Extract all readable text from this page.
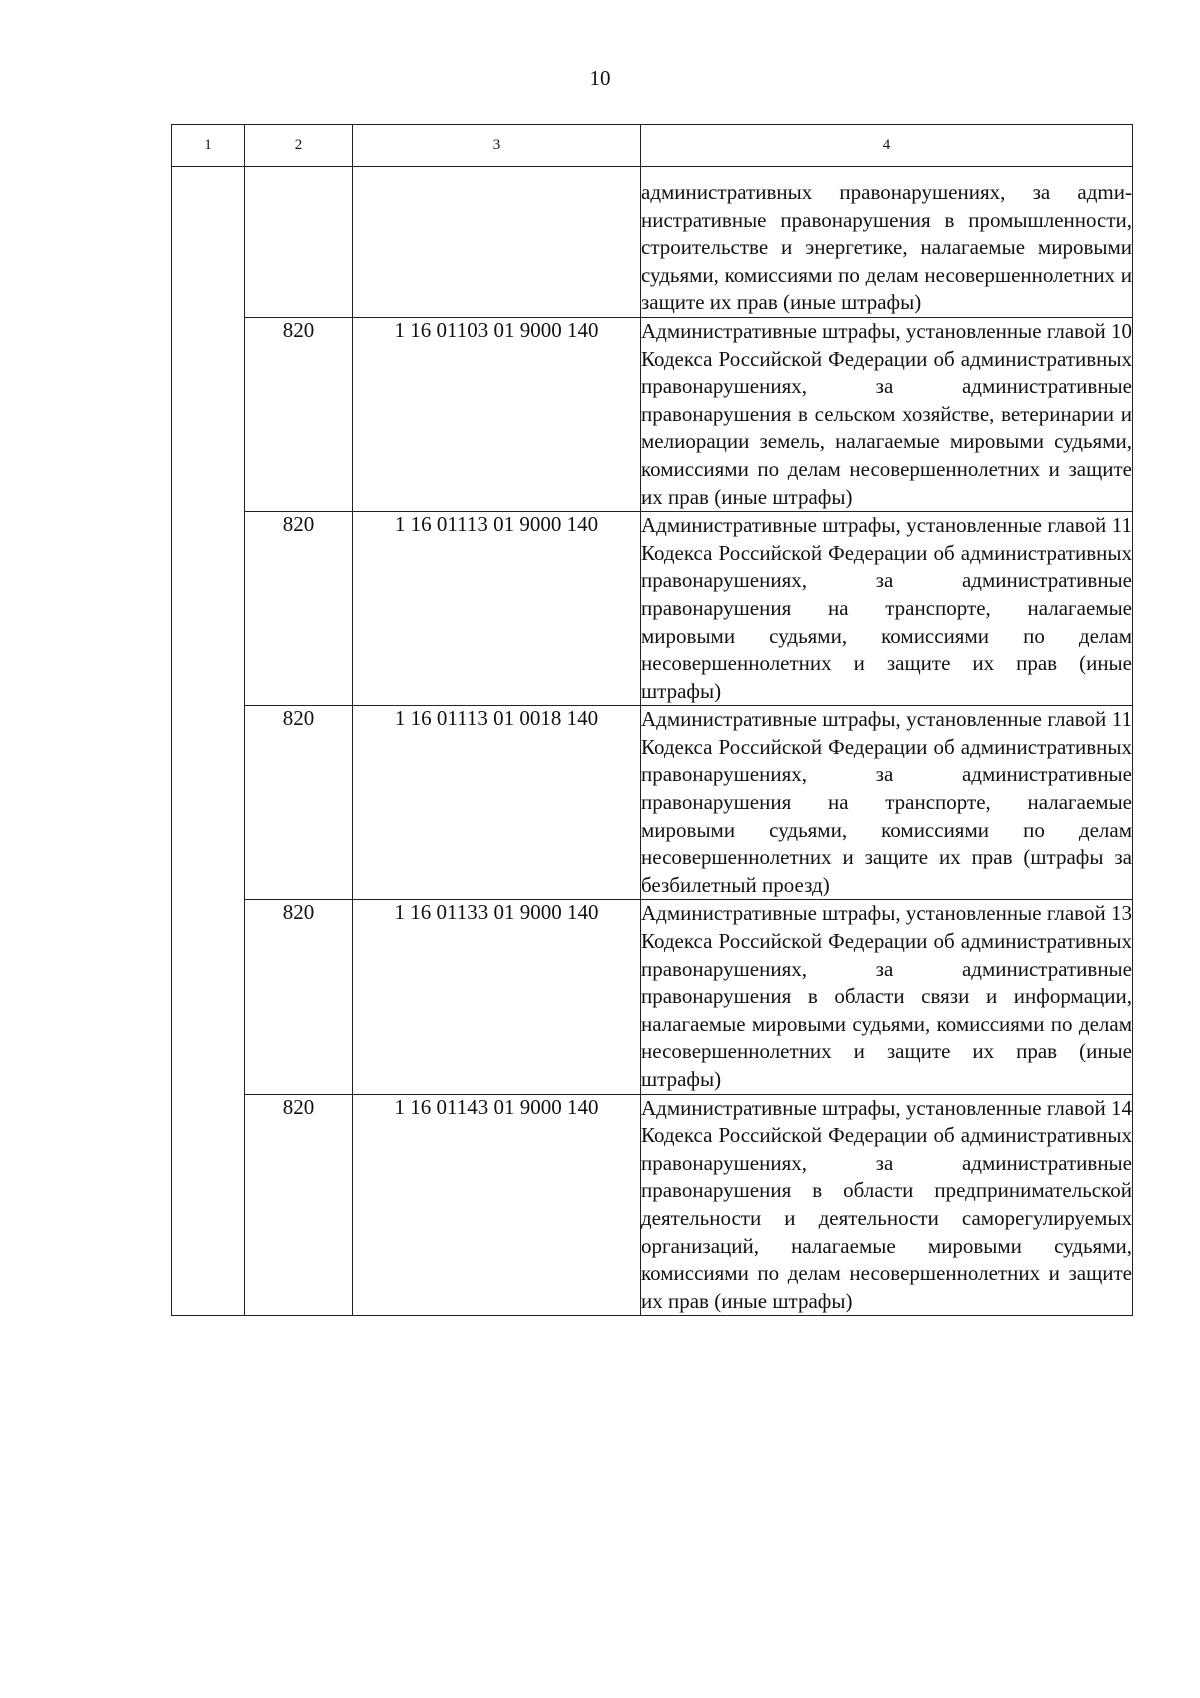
10
1	2	3	4
			административных правонарушениях, за адmинистративные правонарушения в промышленности, строительстве и энергетике, налагаемые мировыми судьями, комиссиями по делам несовершеннолетних и защите их прав (иные штрафы)
	820	1 16 01103 01 9000 140	Административные штрафы, установленные главой 10 Кодекса Российской Федерации об административных правонарушениях, за административные правонарушения в сельском хозяйстве, ветеринарии и мелиорации земель, налагаемые мировыми судьями, комиссиями по делам несовершеннолетних и защите их прав (иные штрафы)
	820	1 16 01113 01 9000 140	Административные штрафы, установленные главой 11 Кодекса Российской Федерации об административных правонарушениях, за административные правонарушения на транспорте, налагаемые мировыми судьями, комиссиями по делам несовершеннолетних и защите их прав (иные штрафы)
	820	1 16 01113 01 0018 140	Административные штрафы, установленные главой 11 Кодекса Российской Федерации об административных правонарушениях, за административные правонарушения на транспорте, налагаемые мировыми судьями, комиссиями по делам несовершеннолетних и защите их прав (штрафы за безбилетный проезд)
	820	1 16 01133 01 9000 140	Административные штрафы, установленные главой 13 Кодекса Российской Федерации об административных правонарушениях, за административные правонарушения в области связи и информации, налагаемые мировыми судьями, комиссиями по делам несовершеннолетних и защите их прав (иные штрафы)
	820	1 16 01143 01 9000 140	Административные штрафы, установленные главой 14 Кодекса Российской Федерации об административных правонарушениях, за административные правонарушения в области предпринимательской деятельности и деятельности саморегулируемых организаций, налагаемые мировыми судьями, комиссиями по делам несовершеннолетних и защите их прав (иные штрафы)
